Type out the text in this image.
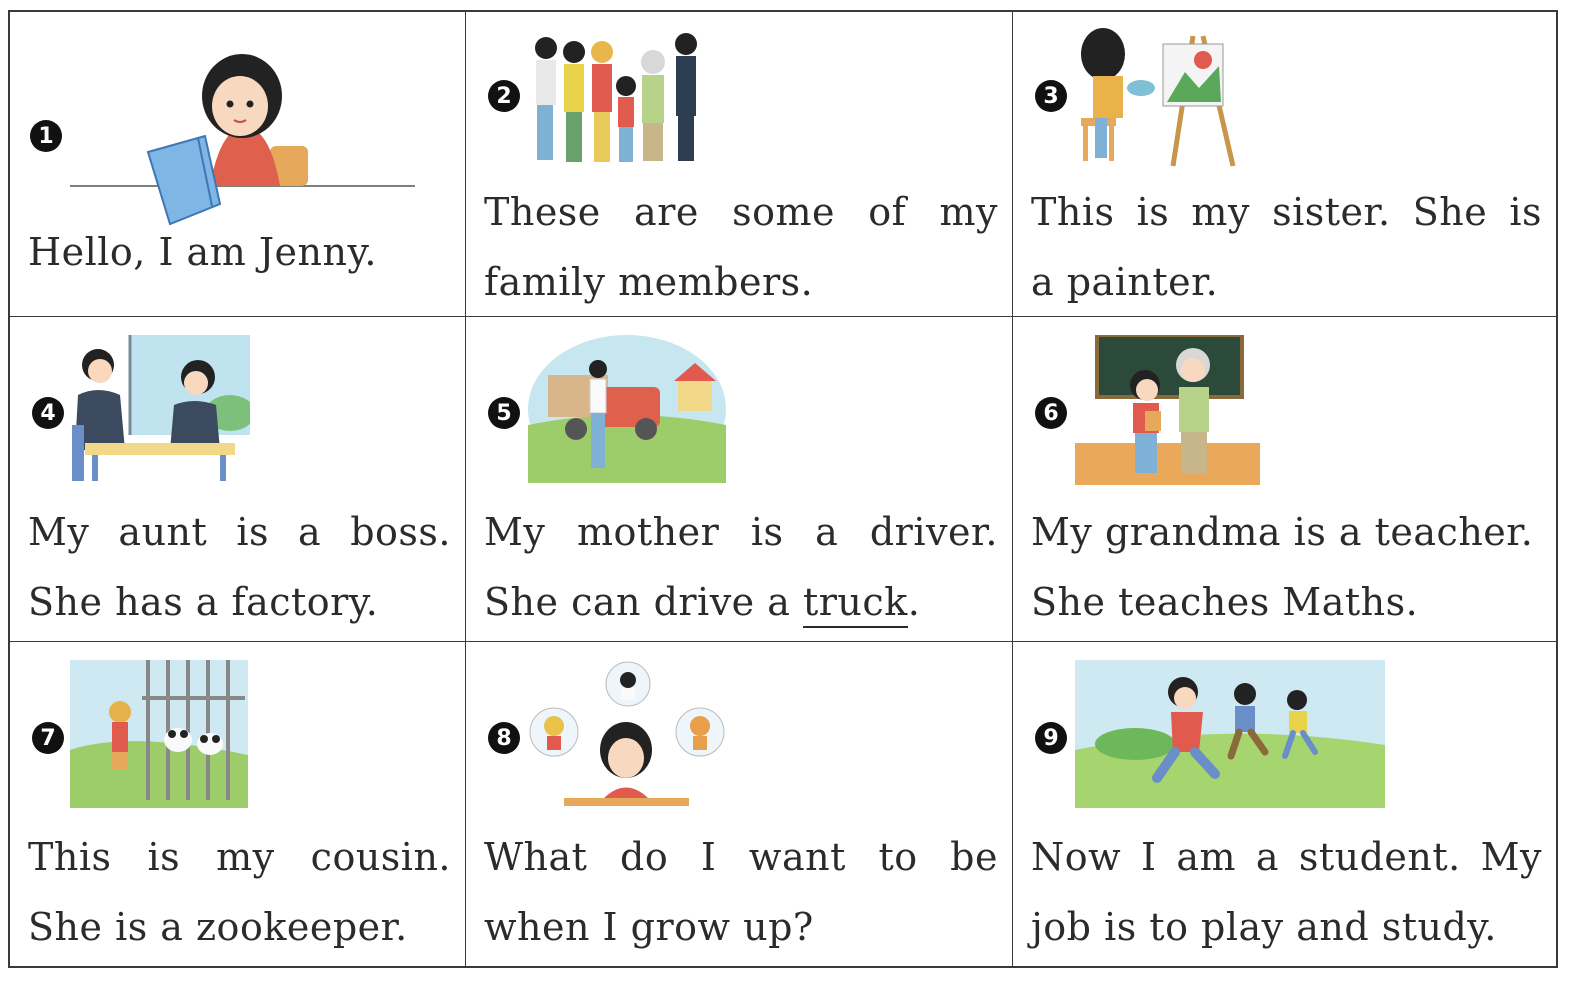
1
Hello, I am Jenny.
2
These are some of my
family members.
3
This is my sister. She is
a painter.
4
My aunt is a boss.
She has a factory.
5
My mother is a driver.
She can drive a truck.
6
My grandma is a teacher.
She teaches Maths.
7
This is my cousin.
She is a zookeeper.
8
What do I want to be
when I grow up?
9
Now I am a student. My
job is to play and study.
